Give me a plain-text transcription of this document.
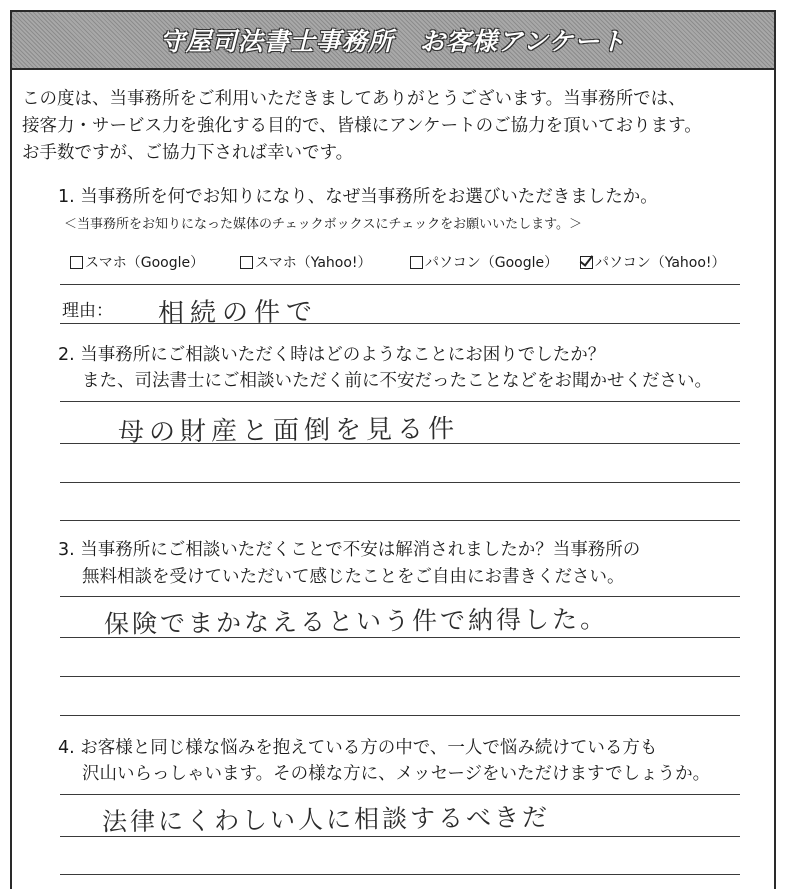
守屋司法書士事務所　お客様アンケート
この度は、当事務所をご利用いただきましてありがとうございます。当事務所では、
接客力・サービス力を強化する目的で、皆様にアンケートのご協力を頂いております。
お手数ですが、ご協力下されば幸いです。
1. 当事務所を何でお知りになり、なぜ当事務所をお選びいただきましたか。
＜当事務所をお知りになった媒体のチェックボックスにチェックをお願いいたします。＞
スマホ（Google）	スマホ（Yahoo!）	パソコン（Google）	パソコン（Yahoo!）
理由： 相続の件で
2. 当事務所にご相談いただく時はどのようなことにお困りでしたか？
また、司法書士にご相談いただく前に不安だったことなどをお聞かせください。
母の財産と面倒を見る件
3. 当事務所にご相談いただくことで不安は解消されましたか？当事務所の
無料相談を受けていただいて感じたことをご自由にお書きください。
保険でまかなえるという件で納得した。
4. お客様と同じ様な悩みを抱えている方の中で、一人で悩み続けている方も
沢山いらっしゃいます。その様な方に、メッセージをいただけますでしょうか。
法律にくわしい人に相談するべきだ
